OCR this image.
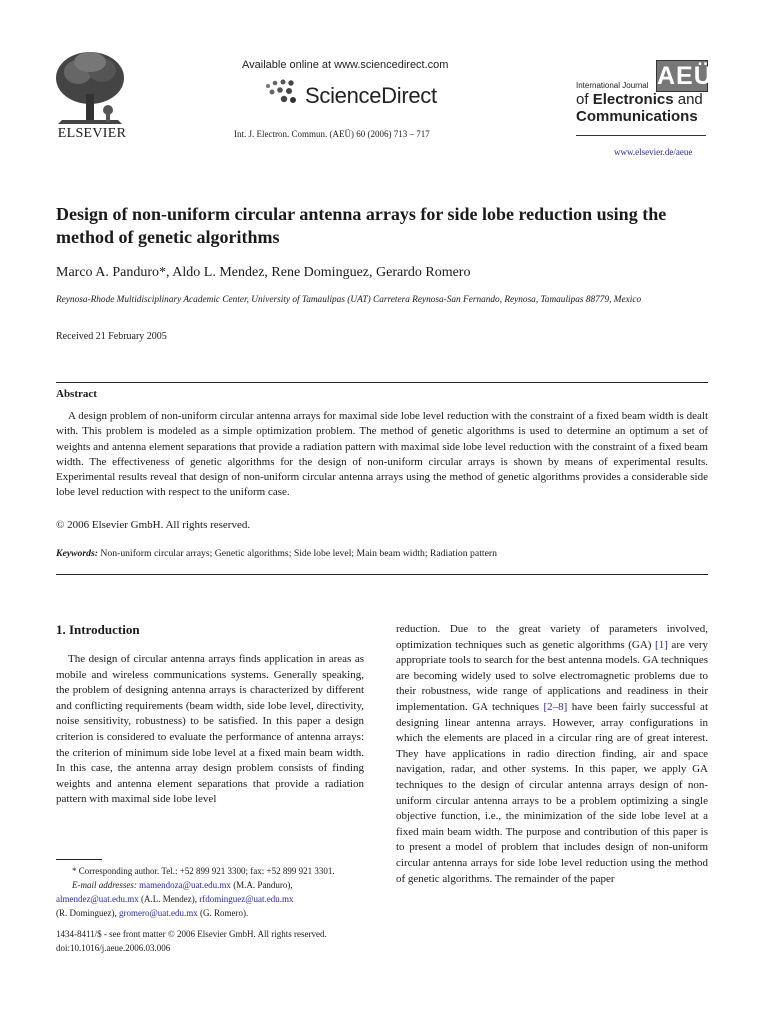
ELSEVIER
Available online at www.sciencedirect.com
ScienceDirect
Int. J. Electron. Commun. (AEÜ) 60 (2006) 713 – 717
International Journal AEÜ
of Electronics and
Communications
www.elsevier.de/aeue
Design of non-uniform circular antenna arrays for side lobe reduction using the method of genetic algorithms
Marco A. Panduro*, Aldo L. Mendez, Rene Dominguez, Gerardo Romero
Reynosa-Rhode Multidisciplinary Academic Center, University of Tamaulipas (UAT) Carretera Reynosa-San Fernando, Reynosa, Tamaulipas 88779, Mexico
Received 21 February 2005
Abstract
A design problem of non-uniform circular antenna arrays for maximal side lobe level reduction with the constraint of a fixed beam width is dealt with. This problem is modeled as a simple optimization problem. The method of genetic algorithms is used to determine an optimum a set of weights and antenna element separations that provide a radiation pattern with maximal side lobe level reduction with the constraint of a fixed beam width. The effectiveness of genetic algorithms for the design of non-uniform circular arrays is shown by means of experimental results. Experimental results reveal that design of non-uniform circular antenna arrays using the method of genetic algorithms provides a considerable side lobe level reduction with respect to the uniform case.
© 2006 Elsevier GmbH. All rights reserved.
Keywords: Non-uniform circular arrays; Genetic algorithms; Side lobe level; Main beam width; Radiation pattern
1. Introduction
The design of circular antenna arrays finds application in areas as mobile and wireless communications systems. Generally speaking, the problem of designing antenna arrays is characterized by different and conflicting requirements (beam width, side lobe level, directivity, noise sensitivity, robustness) to be satisfied. In this paper a design criterion is considered to evaluate the performance of antenna arrays: the criterion of minimum side lobe level at a fixed main beam width. In this case, the antenna array design problem consists of finding weights and antenna element separations that provide a radiation pattern with maximal side lobe level
reduction. Due to the great variety of parameters involved, optimization techniques such as genetic algorithms (GA) [1] are very appropriate tools to search for the best antenna models. GA techniques are becoming widely used to solve electromagnetic problems due to their robustness, wide range of applications and readiness in their implementation. GA techniques [2–8] have been fairly successful at designing linear antenna arrays. However, array configurations in which the elements are placed in a circular ring are of great interest. They have applications in radio direction finding, air and space navigation, radar, and other systems. In this paper, we apply GA techniques to the design of circular antenna arrays design of non-uniform circular antenna arrays to be a problem optimizing a single objective function, i.e., the minimization of the side lobe level at a fixed main beam width. The purpose and contribution of this paper is to present a model of problem that includes design of non-uniform circular antenna arrays for side lobe level reduction using the method of genetic algorithms. The remainder of the paper
* Corresponding author. Tel.: +52 899 921 3300; fax: +52 899 921 3301.
E-mail addresses: mamendoza@uat.edu.mx (M.A. Panduro),
almendez@uat.edu.mx (A.L. Mendez), rfdominguez@uat.edu.mx
(R. Dominguez), gromero@uat.edu.mx (G. Romero).
1434-8411/$ - see front matter © 2006 Elsevier GmbH. All rights reserved.
doi:10.1016/j.aeue.2006.03.006
